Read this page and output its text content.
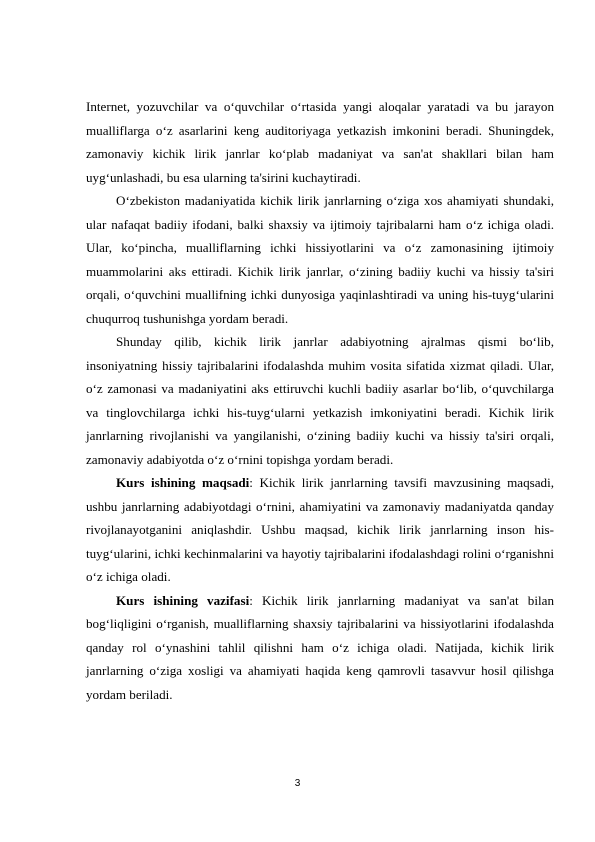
Internet, yozuvchilar va o‘quvchilar o‘rtasida yangi aloqalar yaratadi va bu jarayon mualliflarga o‘z asarlarini keng auditoriyaga yetkazish imkonini beradi. Shuningdek, zamonaviy kichik lirik janrlar ko‘plab madaniyat va san'at shakllari bilan ham uyg‘unlashadi, bu esa ularning ta'sirini kuchaytiradi.

O‘zbekiston madaniyatida kichik lirik janrlarning o‘ziga xos ahamiyati shundaki, ular nafaqat badiiy ifodani, balki shaxsiy va ijtimoiy tajribalarni ham o‘z ichiga oladi. Ular, ko‘pincha, mualliflarning ichki hissiyotlarini va o‘z zamonasining ijtimoiy muammolarini aks ettiradi. Kichik lirik janrlar, o‘zining badiiy kuchi va hissiy ta'siri orqali, o‘quvchini muallifning ichki dunyosiga yaqinlashtiradi va uning his-tuyg‘ularini chuqurroq tushunishga yordam beradi.

Shunday qilib, kichik lirik janrlar adabiyotning ajralmas qismi bo‘lib, insoniyatning hissiy tajribalarini ifodalashda muhim vosita sifatida xizmat qiladi. Ular, o‘z zamonasi va madaniyatini aks ettiruvchi kuchli badiiy asarlar bo‘lib, o‘quvchilarga va tinglovchilarga ichki his-tuyg‘ularni yetkazish imkoniyatini beradi. Kichik lirik janrlarning rivojlanishi va yangilanishi, o‘zining badiiy kuchi va hissiy ta'siri orqali, zamonaviy adabiyotda o‘z o‘rnini topishga yordam beradi.

Kurs ishining maqsadi: Kichik lirik janrlarning tavsifi mavzusining maqsadi, ushbu janrlarning adabiyotdagi o‘rnini, ahamiyatini va zamonaviy madaniyatda qanday rivojlanayotganini aniqlashdir. Ushbu maqsad, kichik lirik janrlarning inson his-tuyg‘ularini, ichki kechinmalarini va hayotiy tajribalarini ifodalashdagi rolini o‘rganishni o‘z ichiga oladi.

Kurs ishining vazifasi: Kichik lirik janrlarning madaniyat va san'at bilan bog‘liqligini o‘rganish, mualliflarning shaxsiy tajribalarini va hissiyotlarini ifodalashda qanday rol o‘ynashini tahlil qilishni ham o‘z ichiga oladi. Natijada, kichik lirik janrlarning o‘ziga xosligi va ahamiyati haqida keng qamrovli tasavvur hosil qilishga yordam beriladi.

3
